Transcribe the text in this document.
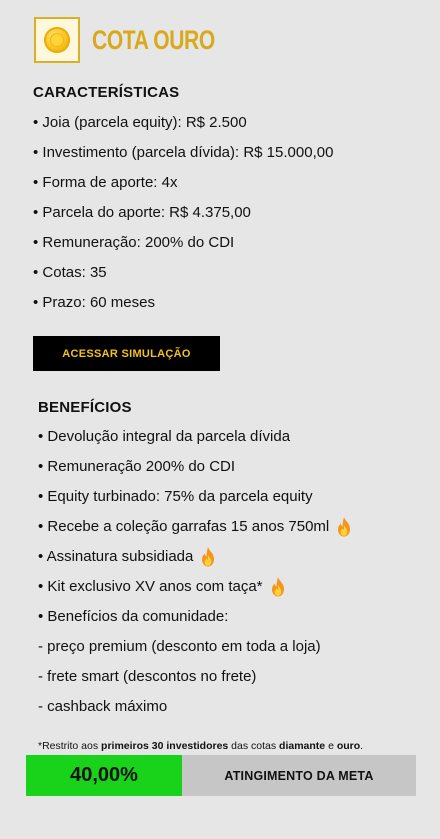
COTA OURO
CARACTERÍSTICAS
• Joia (parcela equity): R$ 2.500
• Investimento (parcela dívida): R$ 15.000,00
• Forma de aporte: 4x
• Parcela do aporte: R$ 4.375,00
• Remuneração: 200% do CDI
• Cotas: 35
• Prazo: 60 meses
ACESSAR SIMULAÇÃO
BENEFÍCIOS
• Devolução integral da parcela dívida
• Remuneração 200% do CDI
• Equity turbinado: 75% da parcela equity
• Recebe a coleção garrafas 15 anos 750ml
• Assinatura subsidiada
• Kit exclusivo XV anos com taça*
• Benefícios da comunidade:
- preço premium (desconto em toda a loja)
- frete smart (descontos no frete)
- cashback máximo
*Restrito aos primeiros 30 investidores das cotas diamante e ouro.
40,00%	ATINGIMENTO DA META
